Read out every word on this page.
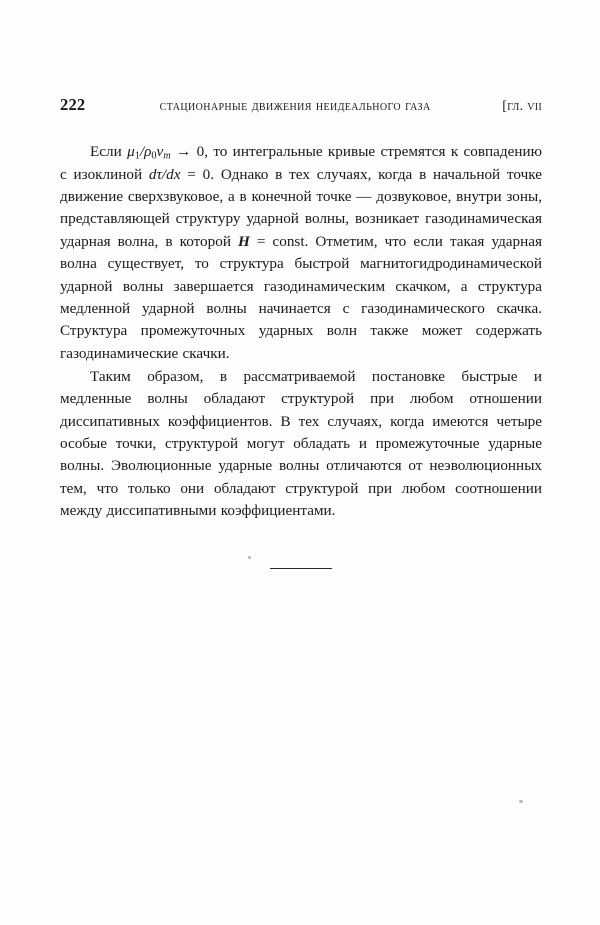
222	стационарные движения неидеального газа	[гл. vii

Если $\mu_1/\rho_0v_m \to 0$, то интегральные кривые стремятся к совпадению с изоклиной dτ/dx = 0. Однако в тех случаях, когда в начальной точке движение сверхзвуковое, а в конечной точке — дозвуковое, внутри зоны, представляющей структуру ударной волны, возникает газодинамическая ударная волна, в которой H = const. Отметим, что если такая ударная волна существует, то структура быстрой магнитогидродинамической ударной волны завершается газодинамическим скачком, а структура медленной ударной волны начинается с газодинамического скачка. Структура промежуточных ударных волн также может содержать газодинамические скачки.

Таким образом, в рассматриваемой постановке быстрые и медленные волны обладают структурой при любом отношении диссипативных коэффициентов. В тех случаях, когда имеются четыре особые точки, структурой могут обладать и промежуточные ударные волны. Эволюционные ударные волны отличаются от неэволюционных тем, что только они обладают структурой при любом соотношении между диссипативными коэффициентами.
